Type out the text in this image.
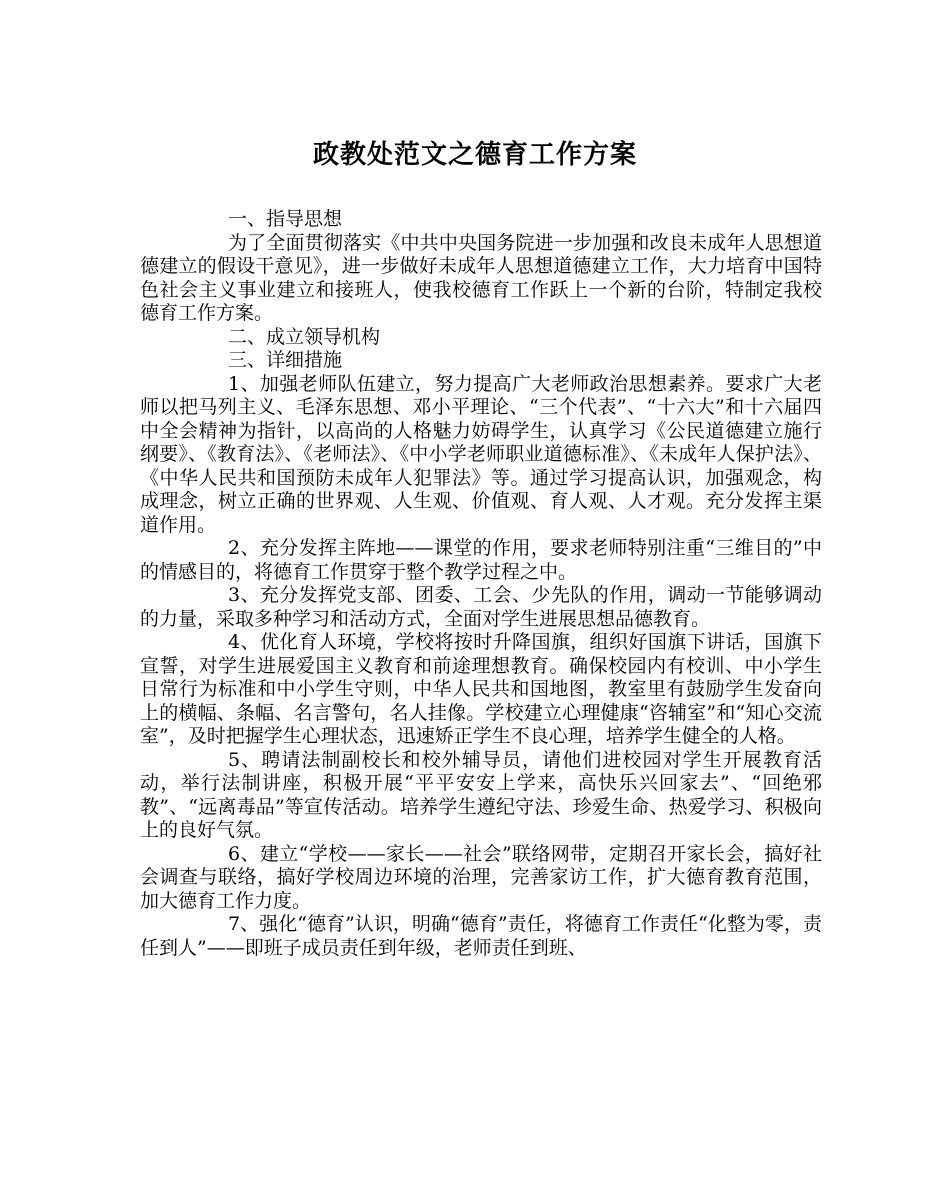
政教处范文之德育工作方案

一、指导思想

为了全面贯彻落实《中共中央国务院进一步加强和改良未成年人思想道德建立的假设干意见》，进一步做好未成年人思想道德建立工作，大力培育中国特色社会主义事业建立和接班人，使我校德育工作跃上一个新的台阶，特制定我校德育工作方案。

二、成立领导机构

三、详细措施

1、加强老师队伍建立，努力提高广大老师政治思想素养。要求广大老师以把马列主义、毛泽东思想、邓小平理论、“三个代表”、“十六大”和十六届四中全会精神为指针，以高尚的人格魅力妨碍学生，认真学习《公民道德建立施行纲要》、《教育法》、《老师法》、《中小学老师职业道德标准》、《未成年人保护法》、《中华人民共和国预防未成年人犯罪法》等。通过学习提高认识，加强观念，构成理念，树立正确的世界观、人生观、价值观、育人观、人才观。充分发挥主渠道作用。

2、充分发挥主阵地——课堂的作用，要求老师特别注重“三维目的”中的情感目的，将德育工作贯穿于整个教学过程之中。

3、充分发挥党支部、团委、工会、少先队的作用，调动一节能够调动的力量，采取多种学习和活动方式，全面对学生进展思想品德教育。

4、优化育人环境，学校将按时升降国旗，组织好国旗下讲话，国旗下宣誓，对学生进展爱国主义教育和前途理想教育。确保校园内有校训、中小学生日常行为标准和中小学生守则，中华人民共和国地图，教室里有鼓励学生发奋向上的横幅、条幅、名言警句，名人挂像。学校建立心理健康“咨辅室”和“知心交流室”，及时把握学生心理状态，迅速矫正学生不良心理，培养学生健全的人格。

5、聘请法制副校长和校外辅导员，请他们进校园对学生开展教育活动，举行法制讲座，积极开展“平平安安上学来，高快乐兴回家去”、“回绝邪教”、“远离毒品”等宣传活动。培养学生遵纪守法、珍爱生命、热爱学习、积极向上的良好气氛。

6、建立“学校——家长——社会”联络网带，定期召开家长会，搞好社会调查与联络，搞好学校周边环境的治理，完善家访工作，扩大德育教育范围，加大德育工作力度。

7、强化“德育”认识，明确“德育”责任，将德育工作责任“化整为零，责任到人”——即班子成员责任到年级，老师责任到班、
